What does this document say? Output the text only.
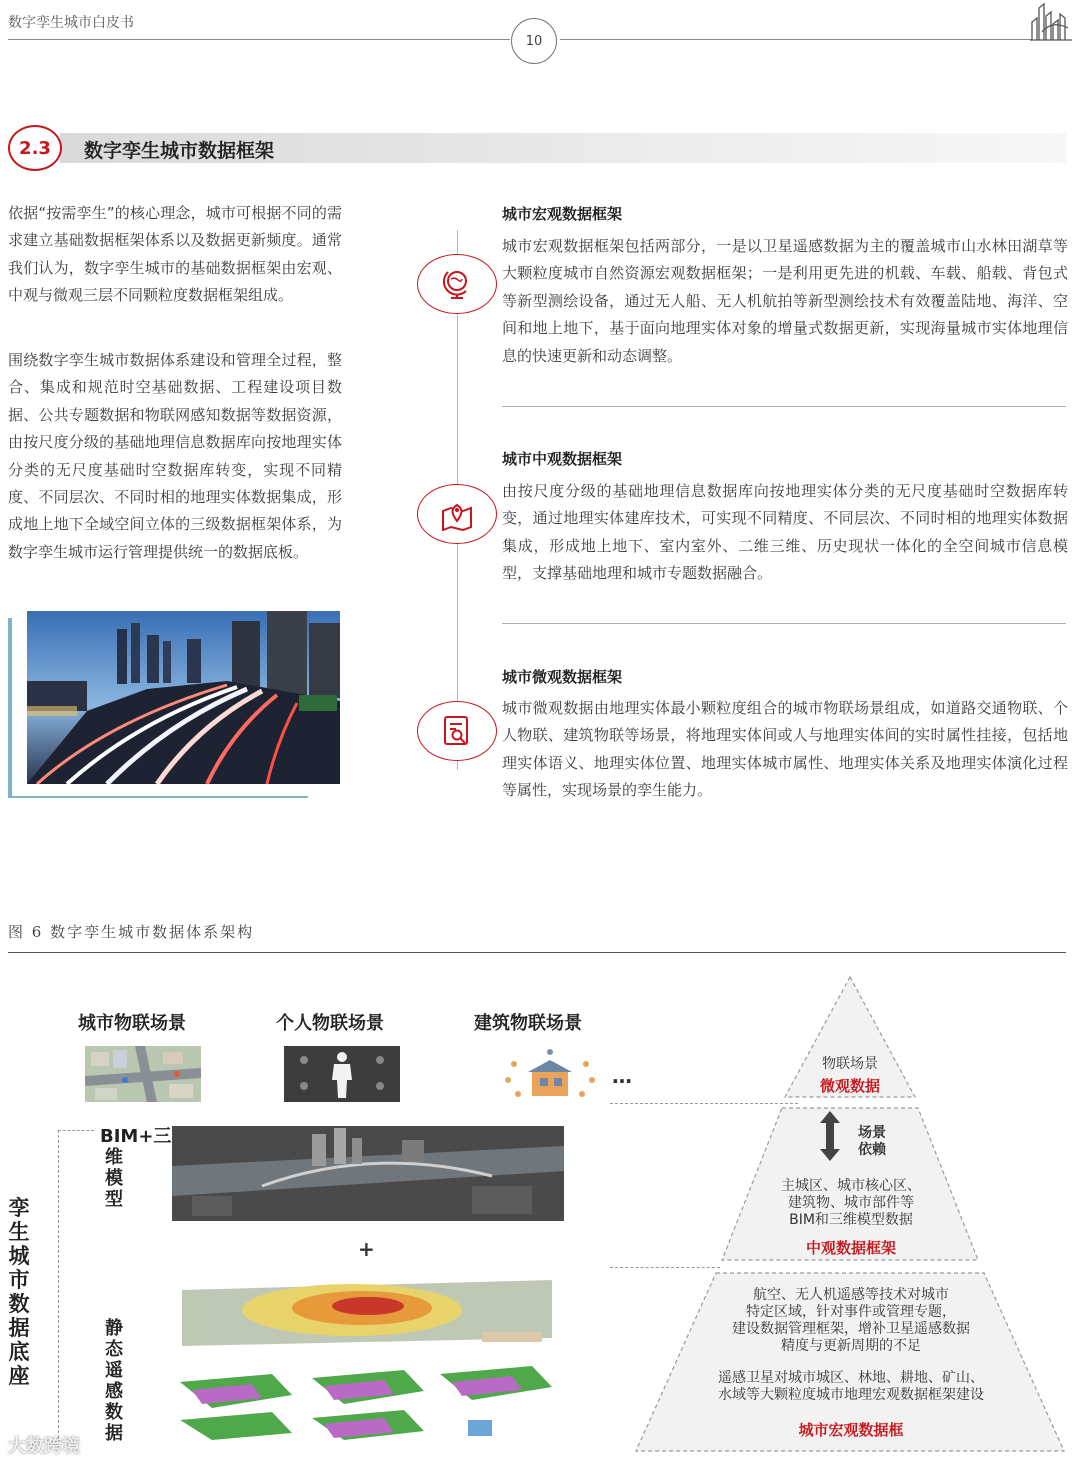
数字孪生城市白皮书
10
2.3	数字孪生城市数据框架

依据“按需孪生”的核心理念，城市可根据不同的需求建立基础数据框架体系以及数据更新频度。通常我们认为，数字孪生城市的基础数据框架由宏观、中观与微观三层不同颗粒度数据框架组成。

围绕数字孪生城市数据体系建设和管理全过程，整合、集成和规范时空基础数据、工程建设项目数据、公共专题数据和物联网感知数据等数据资源，由按尺度分级的基础地理信息数据库向按地理实体分类的无尺度基础时空数据库转变，实现不同精度、不同层次、不同时相的地理实体数据集成，形成地上地下全域空间立体的三级数据框架体系，为数字孪生城市运行管理提供统一的数据底板。

城市宏观数据框架

城市宏观数据框架包括两部分，一是以卫星遥感数据为主的覆盖城市山水林田湖草等大颗粒度城市自然资源宏观数据框架；一是利用更先进的机载、车载、船载、背包式等新型测绘设备，通过无人船、无人机航拍等新型测绘技术有效覆盖陆地、海洋、空间和地上地下，基于面向地理实体对象的增量式数据更新，实现海量城市实体地理信息的快速更新和动态调整。

城市中观数据框架

由按尺度分级的基础地理信息数据库向按地理实体分类的无尺度基础时空数据库转变，通过地理实体建库技术，可实现不同精度、不同层次、不同时相的地理实体数据集成，形成地上地下、室内室外、二维三维、历史现状一体化的全空间城市信息模型，支撑基础地理和城市专题数据融合。

城市微观数据框架

城市微观数据由地理实体最小颗粒度组合的城市物联场景组成，如道路交通物联、个人物联、建筑物联等场景，将地理实体间或人与地理实体间的实时属性挂接，包括地理实体语义、地理实体位置、地理实体城市属性、地理实体关系及地理实体演化过程等属性，实现场景的孪生能力。

图 6 数字孪生城市数据体系架构
城市物联场景	个人物联场景	建筑物联场景
…
孪生城市数据底座
BIM+三维模型
+
静态遥感数据
物联场景
微观数据
场景
依赖
主城区、城市核心区、
建筑物、城市部件等
BIM和三维模型数据
中观数据框架
航空、无人机遥感等技术对城市
特定区域，针对事件或管理专题，
建设数据管理框架，增补卫星遥感数据
精度与更新周期的不足
遥感卫星对城市城区、林地、耕地、矿山、
水域等大颗粒度城市地理宏观数据框架建设
城市宏观数据框
大数跨境
